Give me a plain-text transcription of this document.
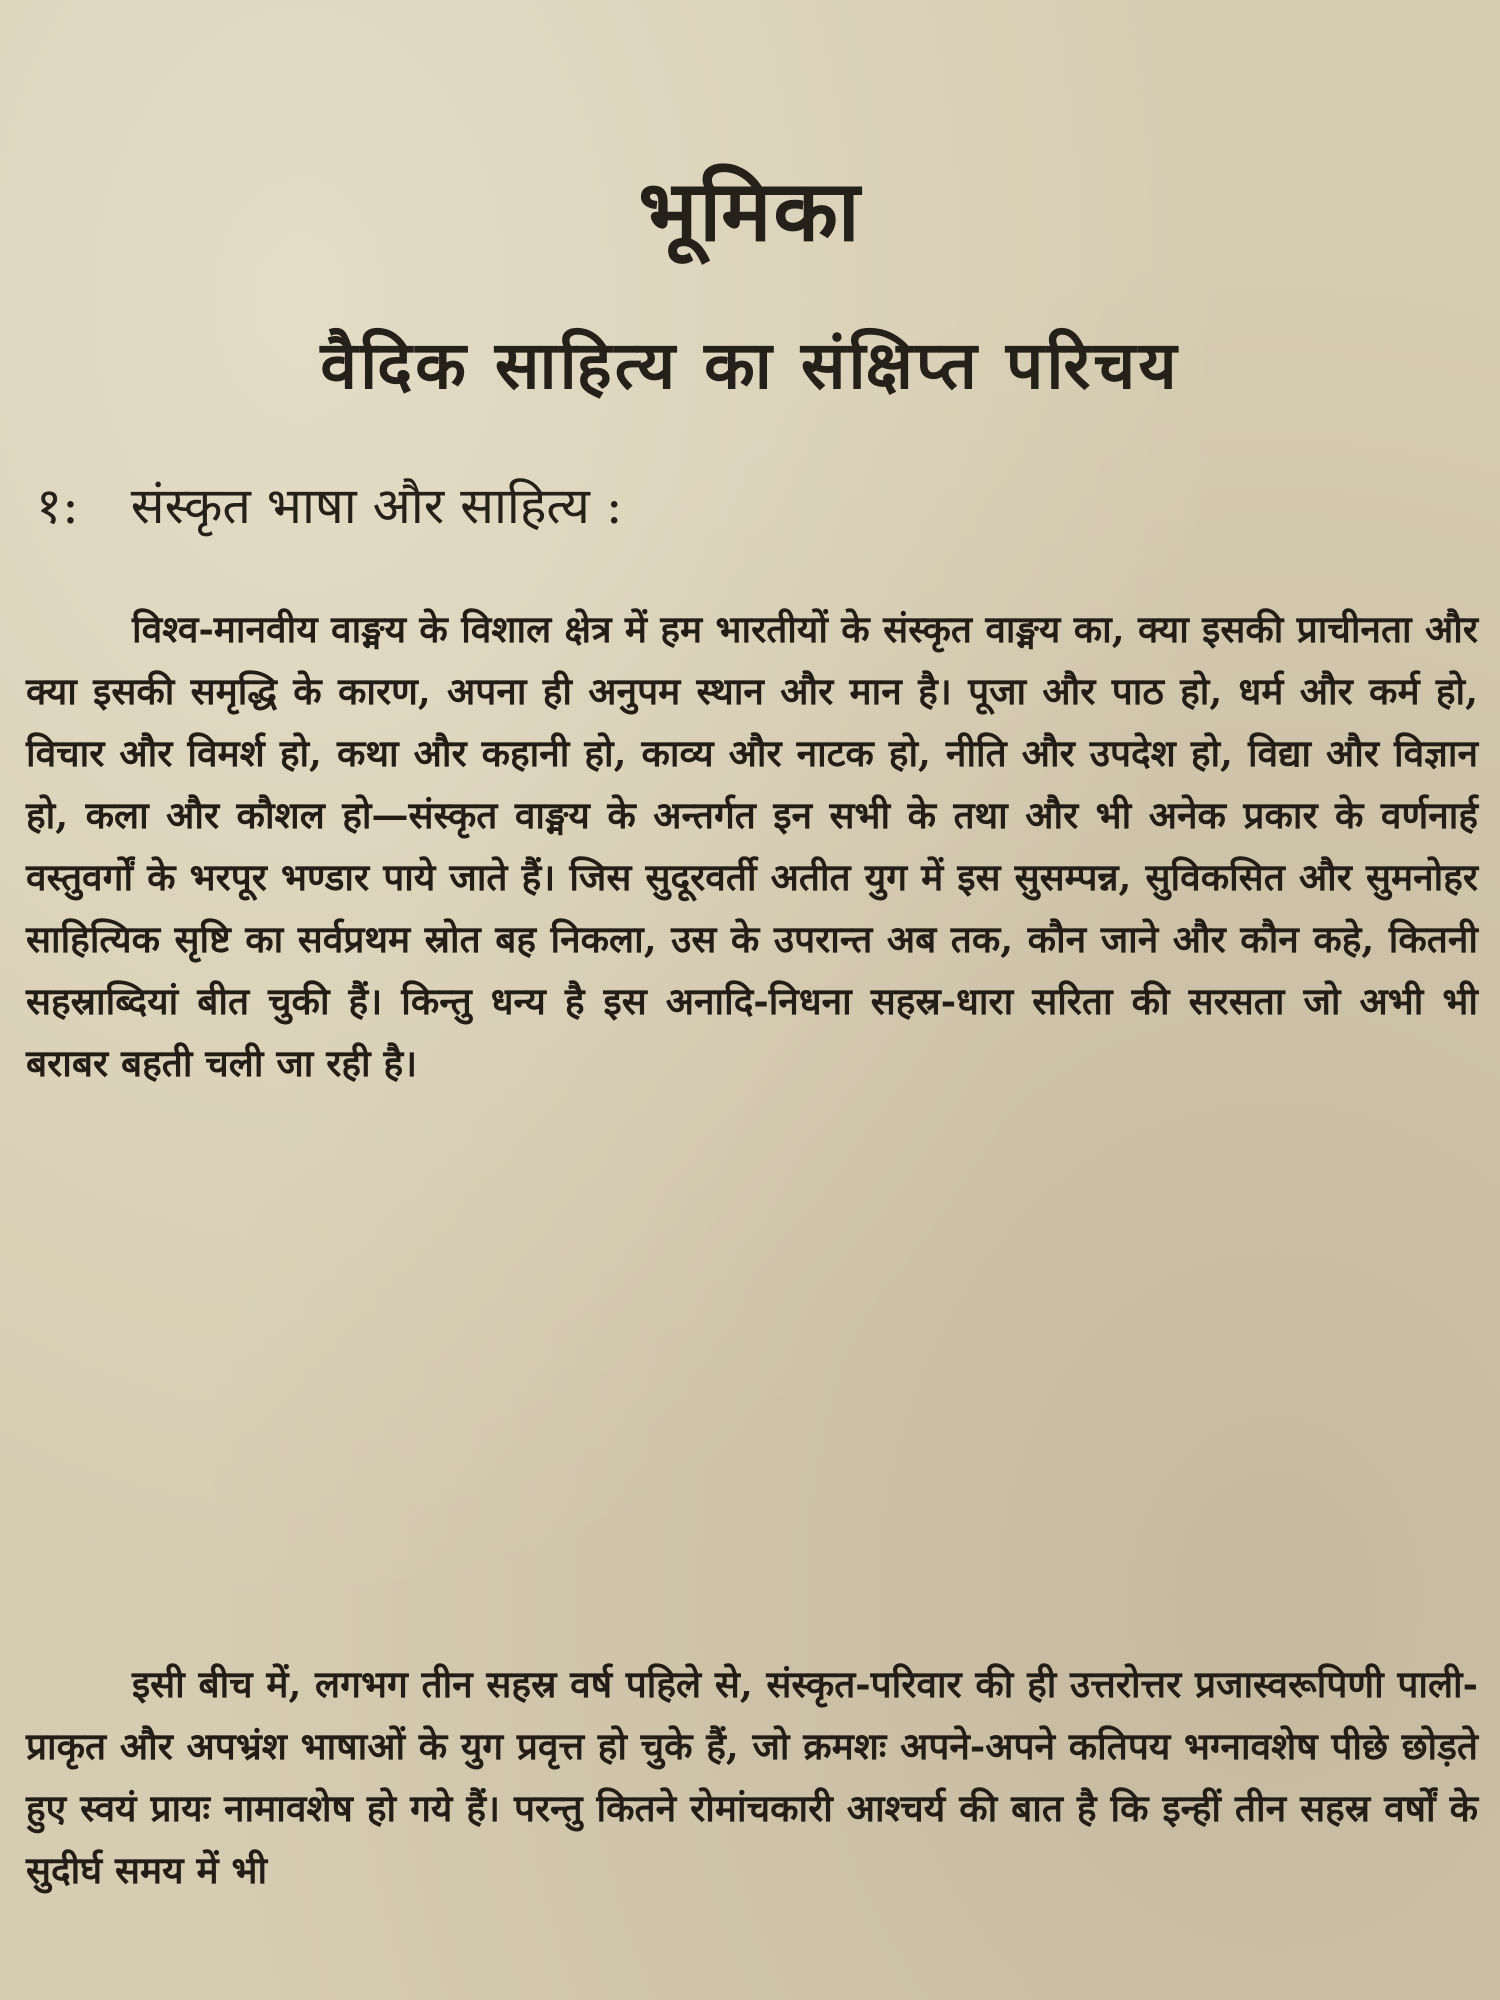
भूमिका
वैदिक साहित्य का संक्षिप्त परिचय
१: संस्कृत भाषा और साहित्य :

विश्व-मानवीय वाङ्मय के विशाल क्षेत्र में हम भारतीयों के संस्कृत वाङ्मय का, क्या इसकी प्राचीनता और क्या इसकी समृद्धि के कारण, अपना ही अनुपम स्थान और मान है। पूजा और पाठ हो, धर्म और कर्म हो, विचार और विमर्श हो, कथा और कहानी हो, काव्य और नाटक हो, नीति और उपदेश हो, विद्या और विज्ञान हो, कला और कौशल हो—संस्कृत वाङ्मय के अन्तर्गत इन सभी के तथा और भी अनेक प्रकार के वर्णनार्ह वस्तुवर्गों के भरपूर भण्डार पाये जाते हैं। जिस सुदूरवर्ती अतीत युग में इस सुसम्पन्न, सुविकसित और सुमनोहर साहित्यिक सृष्टि का सर्वप्रथम स्रोत बह निकला, उस के उपरान्त अब तक, कौन जाने और कौन कहे, कितनी सहस्राब्दियां बीत चुकी हैं। किन्तु धन्य है इस अनादि-निधना सहस्र-धारा सरिता की सरसता जो अभी भी बराबर बहती चली जा रही है।

इसी बीच में, लगभग तीन सहस्र वर्ष पहिले से, संस्कृत-परिवार की ही उत्तरोत्तर प्रजास्वरूपिणी पाली-प्राकृत और अपभ्रंश भाषाओं के युग प्रवृत्त हो चुके हैं, जो क्रमशः अपने-अपने कतिपय भग्नावशेष पीछे छोड़ते हुए स्वयं प्रायः नामावशेष हो गये हैं। परन्तु कितने रोमांचकारी आश्चर्य की बात है कि इन्हीं तीन सहस्र वर्षों के सुदीर्घ समय में भी
